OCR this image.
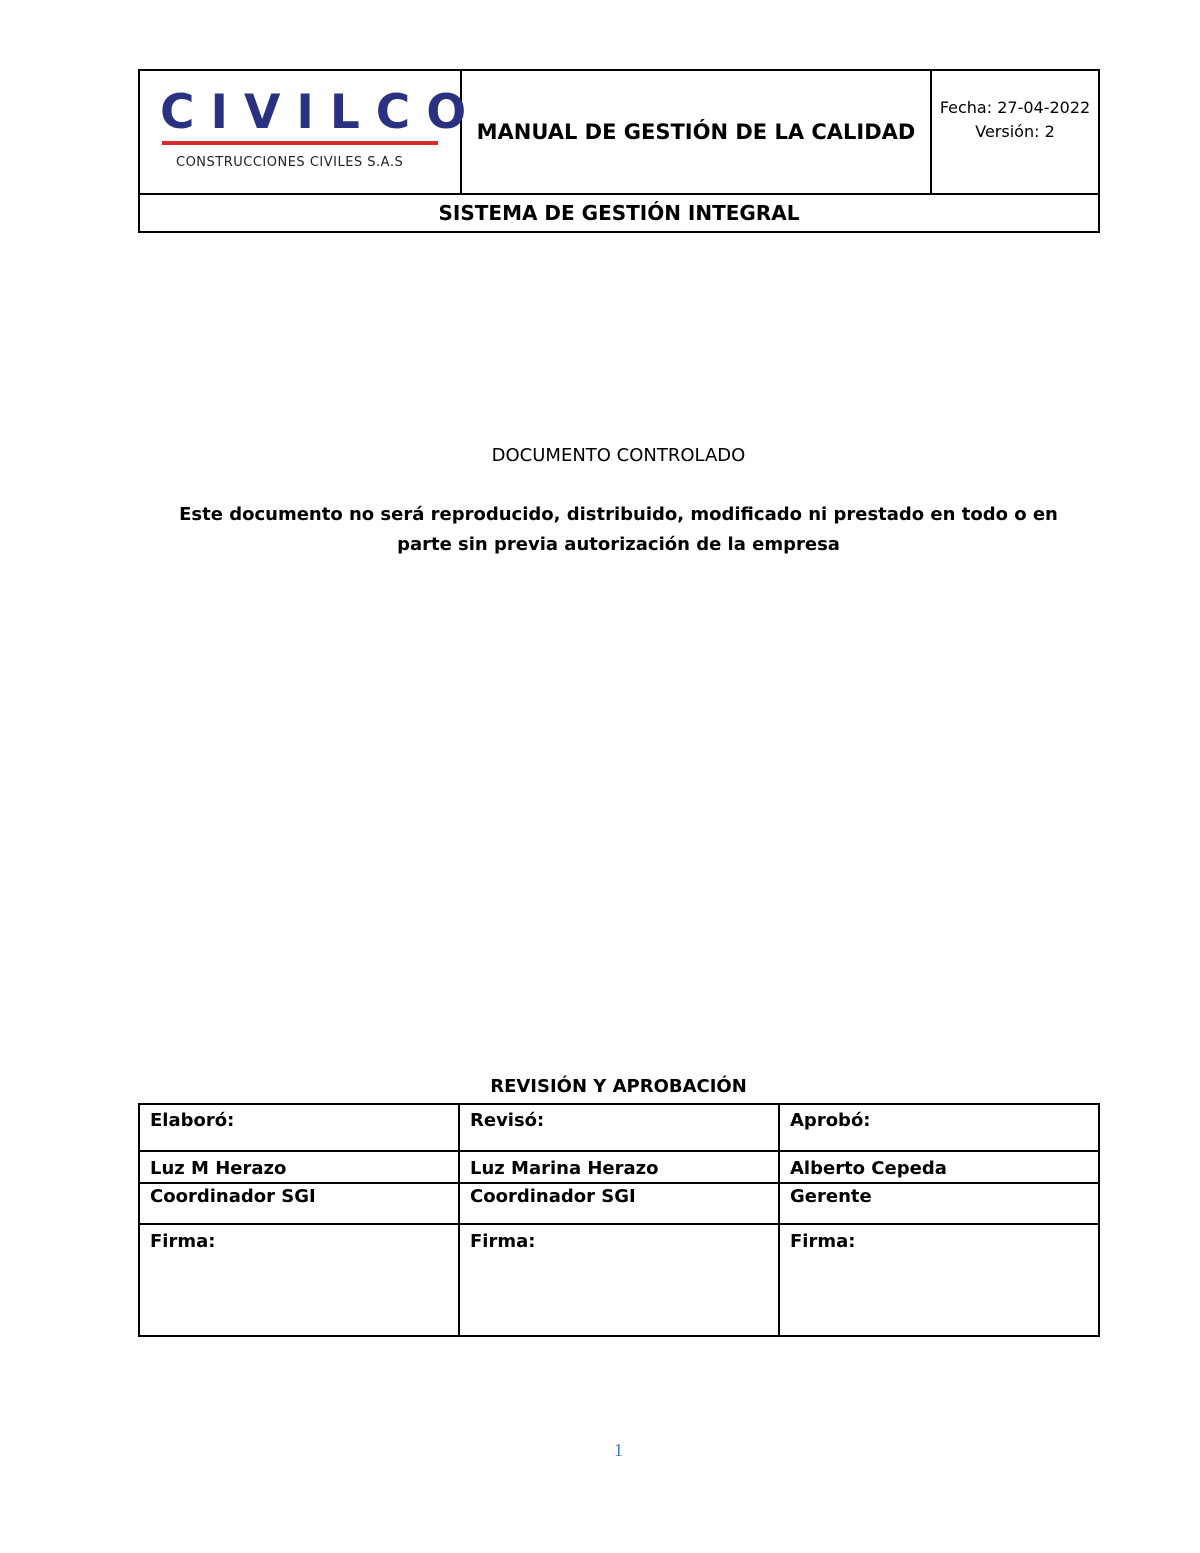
CIVILCO
CONSTRUCCIONES CIVILES S.A.S
MANUAL DE GESTIÓN DE LA CALIDAD
Fecha: 27-04-2022
Versión: 2
SISTEMA DE GESTIÓN INTEGRAL
DOCUMENTO CONTROLADO
Este documento no será reproducido, distribuido, modificado ni prestado en todo o en
parte sin previa autorización de la empresa
REVISIÓN Y APROBACIÓN
Elaboró:
Luz M Herazo
Coordinador SGI
Firma:
Revisó:
Luz Marina Herazo
Coordinador SGI
Firma:
Aprobó:
Alberto Cepeda
Gerente
Firma:
1
